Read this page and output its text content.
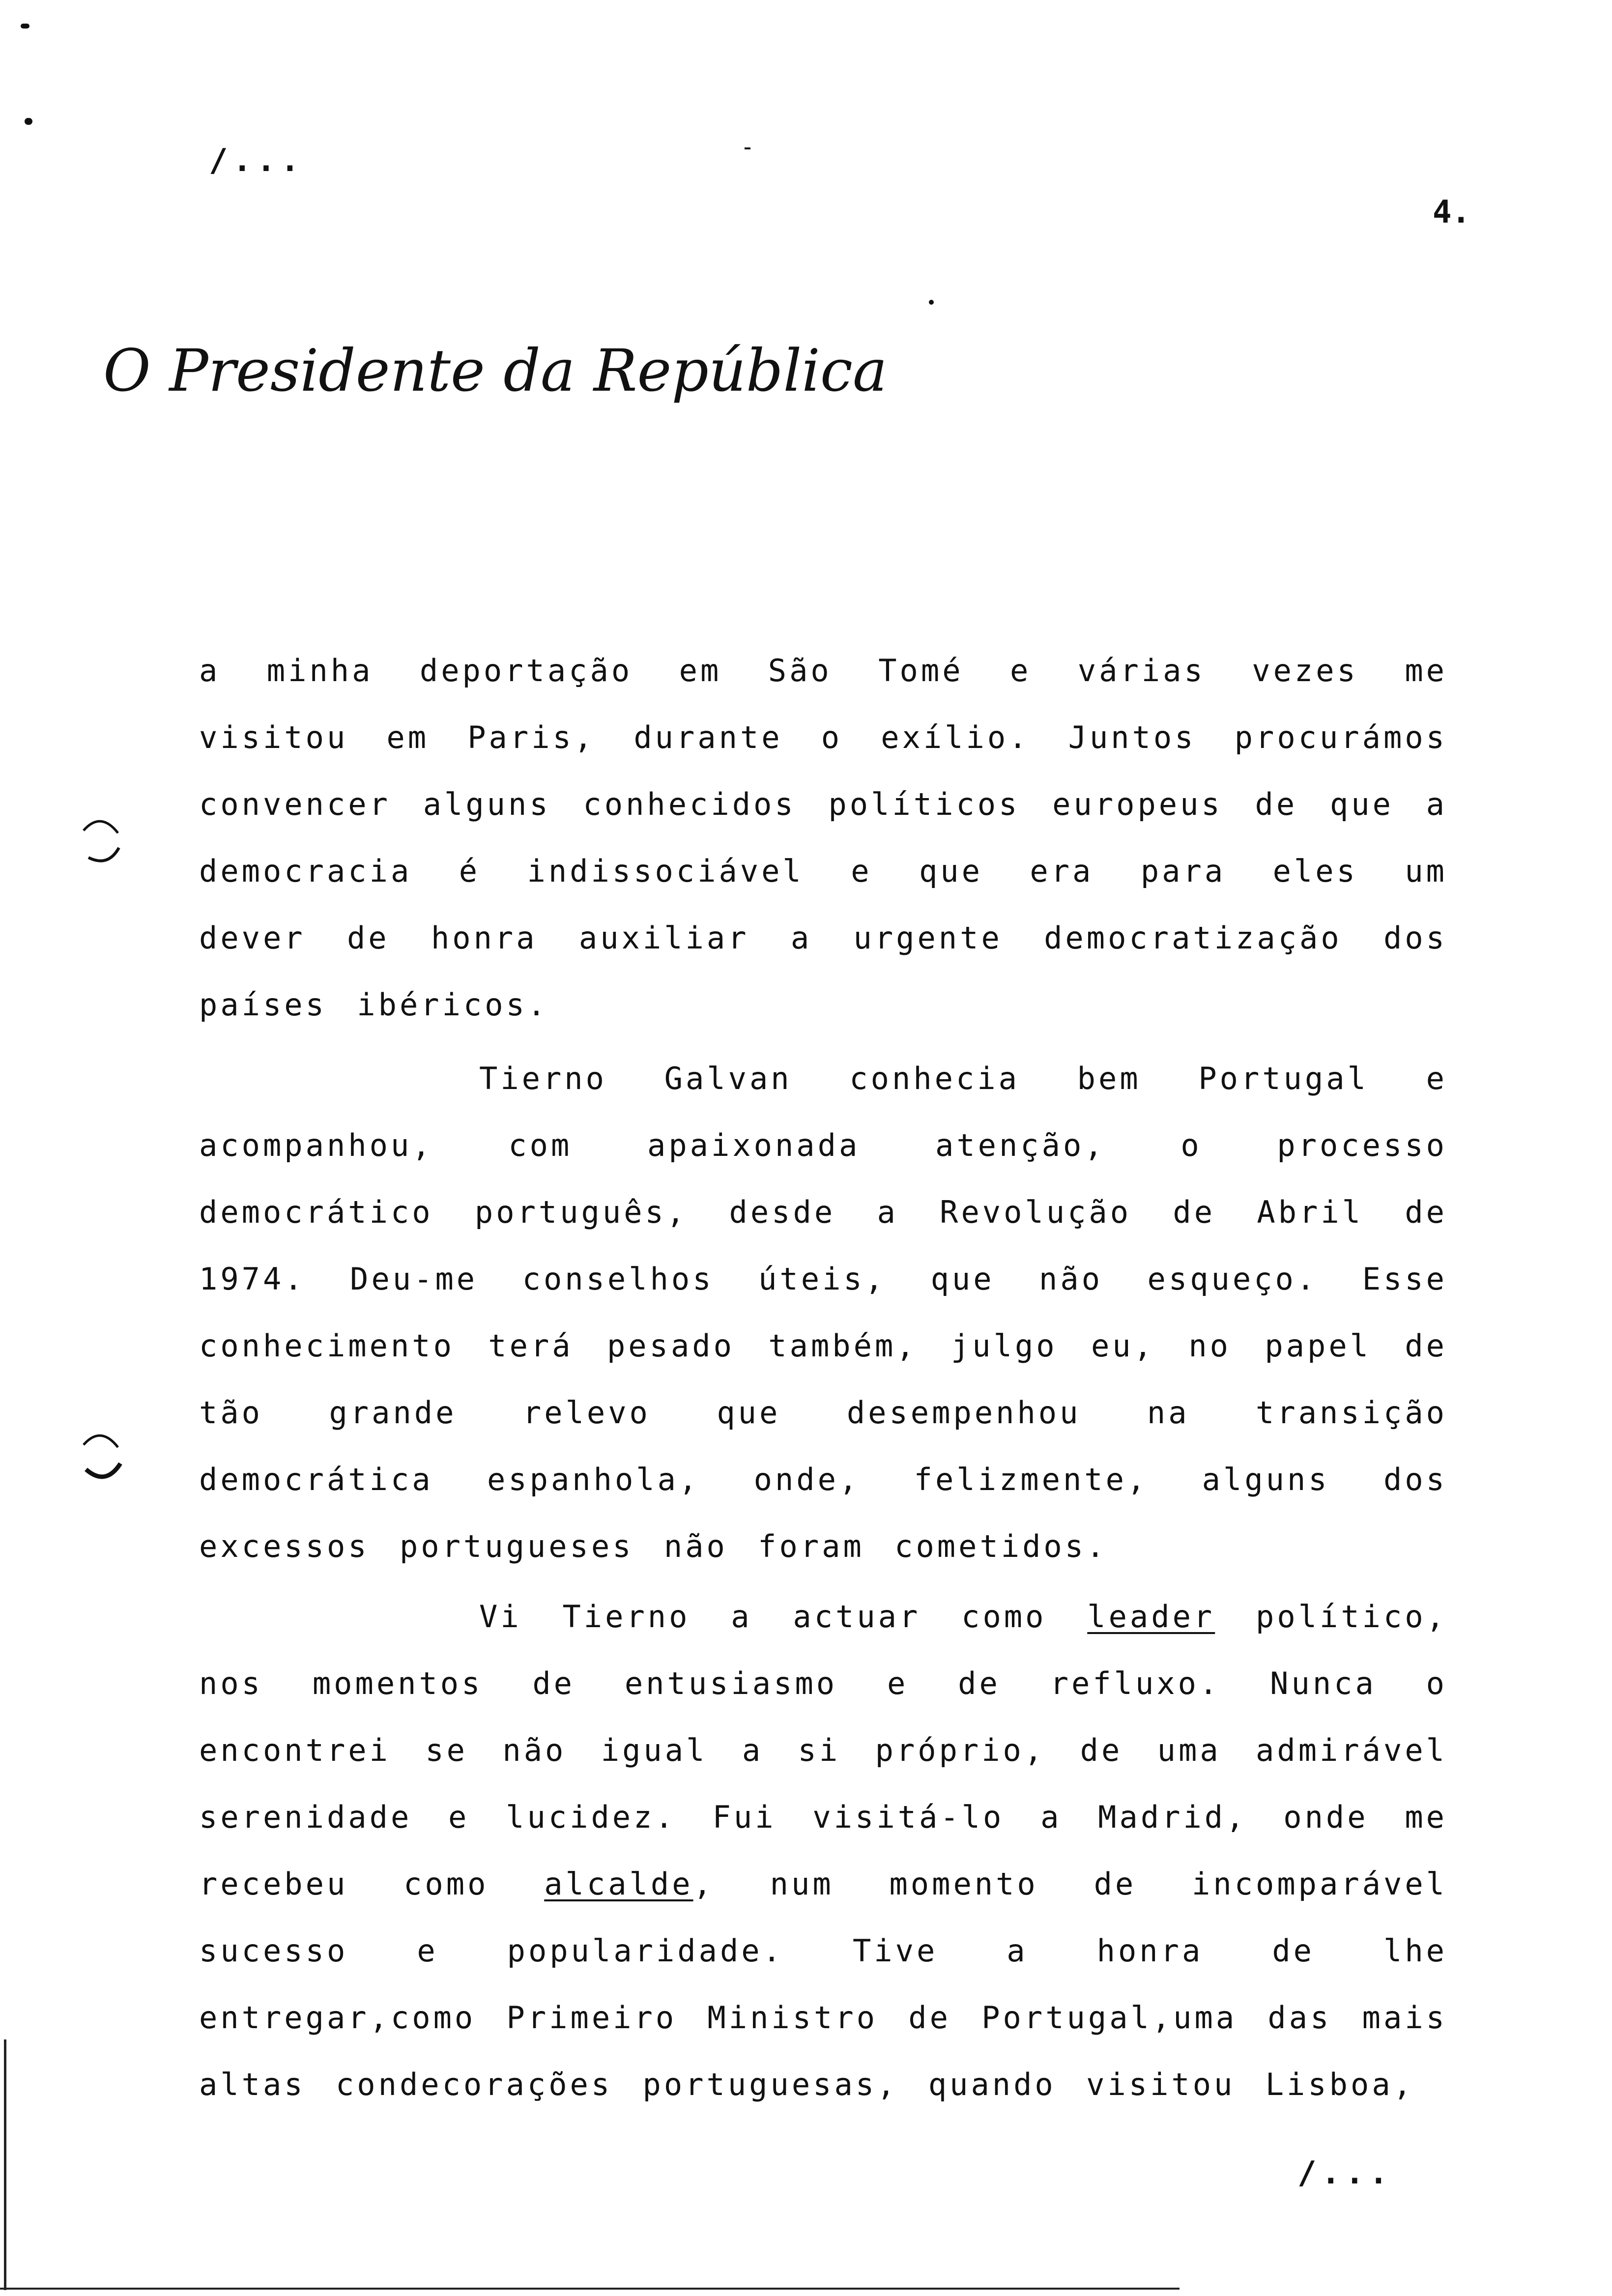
/...
4.
O Presidente da República

a minha deportação em São Tomé e várias vezes me visitou em Paris, durante o exílio. Juntos procurámos convencer alguns conhecidos políticos europeus de que a democracia é indissociável e que era para eles um dever de honra auxiliar a urgente democratização dos países ibéricos.

Tierno Galvan conhecia bem Portugal e acompanhou, com apaixonada atenção, o processo democrático português, desde a Revolução de Abril de 1974. Deu-me conselhos úteis, que não esqueço. Esse conhecimento terá pesado também, julgo eu, no papel de tão grande relevo que desempenhou na transição democrática espanhola, onde, felizmente, alguns dos excessos portugueses não foram cometidos.

Vi Tierno a actuar como leader político, nos momentos de entusiasmo e de refluxo. Nunca o encontrei se não igual a si próprio, de uma admirável serenidade e lucidez. Fui visitá-lo a Madrid, onde me recebeu como alcalde, num momento de incomparável sucesso e popularidade. Tive a honra de lhe entregar,como Primeiro Ministro de Portugal,uma das mais altas condecorações portuguesas, quando visitou Lisboa,

/...
